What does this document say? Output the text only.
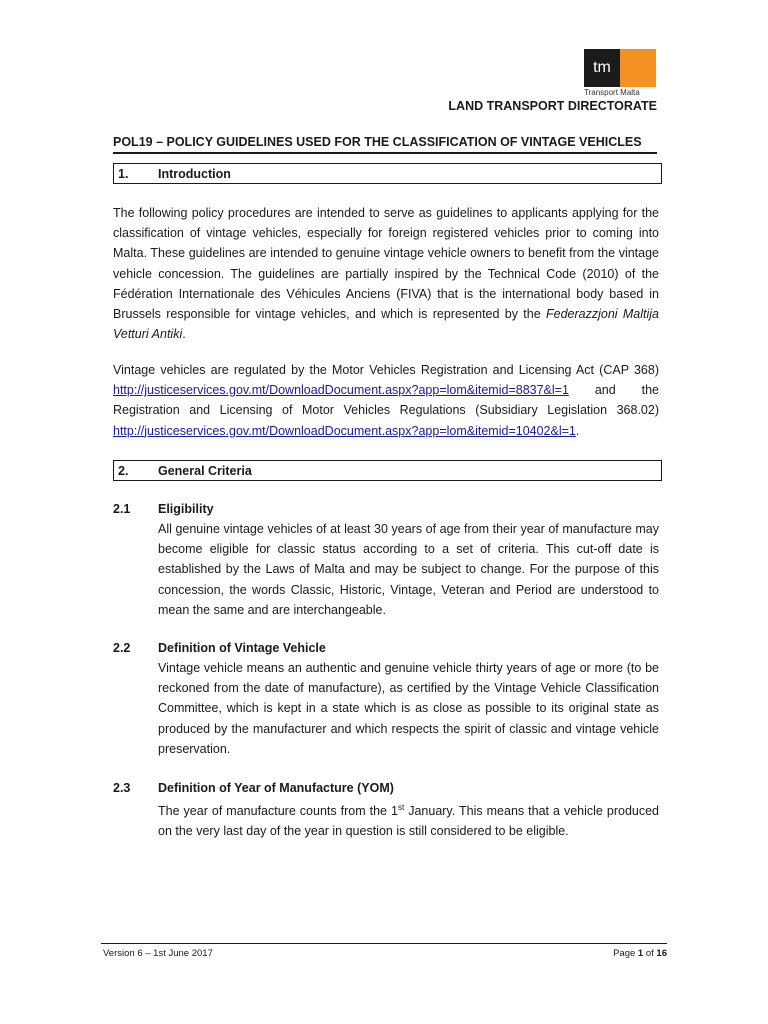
tm
Transport Malta
LAND TRANSPORT DIRECTORATE
POL19 – POLICY GUIDELINES USED FOR THE CLASSIFICATION OF VINTAGE VEHICLES
1. Introduction
The following policy procedures are intended to serve as guidelines to applicants applying for the classification of vintage vehicles, especially for foreign registered vehicles prior to coming into Malta. These guidelines are intended to genuine vintage vehicle owners to benefit from the vintage vehicle concession. The guidelines are partially inspired by the Technical Code (2010) of the Fédération Internationale des Véhicules Anciens (FIVA) that is the international body based in Brussels responsible for vintage vehicles, and which is represented by the Federazzjoni Maltija Vetturi Antiki.
Vintage vehicles are regulated by the Motor Vehicles Registration and Licensing Act (CAP 368) http://justiceservices.gov.mt/DownloadDocument.aspx?app=lom&itemid=8837&l=1 and the Registration and Licensing of Motor Vehicles Regulations (Subsidiary Legislation 368.02) http://justiceservices.gov.mt/DownloadDocument.aspx?app=lom&itemid=10402&l=1.
2. General Criteria
2.1 Eligibility
All genuine vintage vehicles of at least 30 years of age from their year of manufacture may become eligible for classic status according to a set of criteria. This cut-off date is established by the Laws of Malta and may be subject to change. For the purpose of this concession, the words Classic, Historic, Vintage, Veteran and Period are understood to mean the same and are interchangeable.
2.2 Definition of Vintage Vehicle
Vintage vehicle means an authentic and genuine vehicle thirty years of age or more (to be reckoned from the date of manufacture), as certified by the Vintage Vehicle Classification Committee, which is kept in a state which is as close as possible to its original state as produced by the manufacturer and which respects the spirit of classic and vintage vehicle preservation.
2.3 Definition of Year of Manufacture (YOM)
The year of manufacture counts from the 1st January. This means that a vehicle produced on the very last day of the year in question is still considered to be eligible.
Version 6 – 1st June 2017	Page 1 of 16
